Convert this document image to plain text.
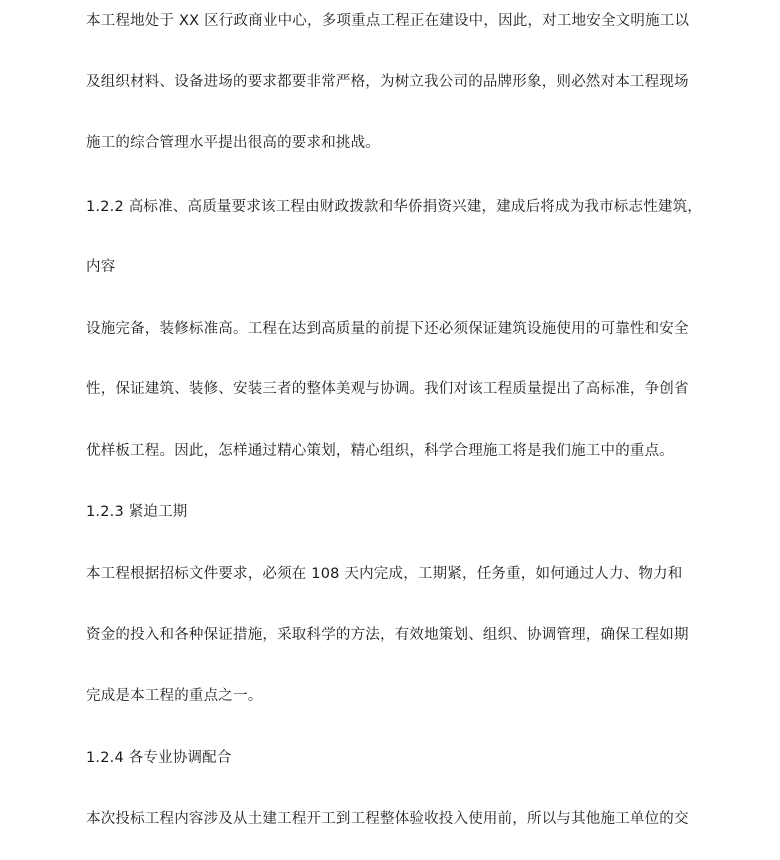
本工程地处于 XX 区行政商业中心，多项重点工程正在建设中，因此，对工地安全文明施工以
及组织材料、设备进场的要求都要非常严格，为树立我公司的品牌形象，则必然对本工程现场
施工的综合管理水平提出很高的要求和挑战。
1.2.2 高标准、高质量要求该工程由财政拨款和华侨捐资兴建，建成后将成为我市标志性建筑，
内容
设施完备，装修标准高。工程在达到高质量的前提下还必须保证建筑设施使用的可靠性和安全
性，保证建筑、装修、安装三者的整体美观与协调。我们对该工程质量提出了高标准，争创省
优样板工程。因此，怎样通过精心策划，精心组织，科学合理施工将是我们施工中的重点。
1.2.3 紧迫工期
本工程根据招标文件要求，必须在 108 天内完成，工期紧，任务重，如何通过人力、物力和
资金的投入和各种保证措施，采取科学的方法，有效地策划、组织、协调管理，确保工程如期
完成是本工程的重点之一。
1.2.4 各专业协调配合
本次投标工程内容涉及从土建工程开工到工程整体验收投入使用前，所以与其他施工单位的交
